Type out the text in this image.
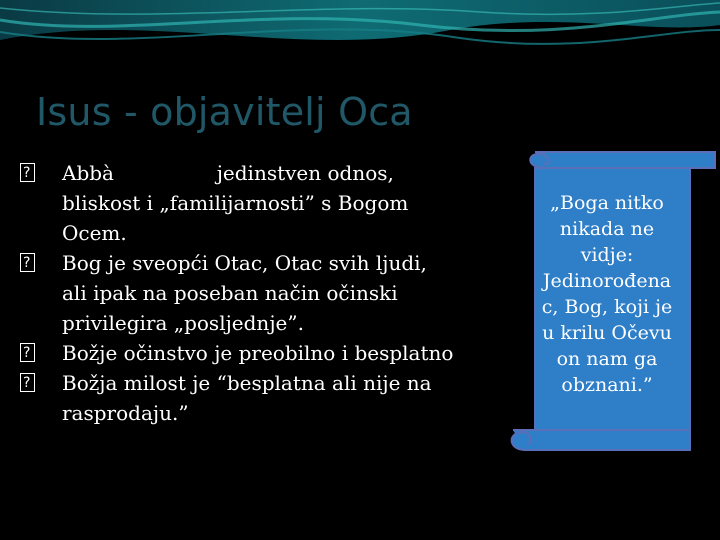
Isus - objavitelj Oca
?
Abbà	jedinstven odnos,
bliskost i „familijarnosti” s Bogom
Ocem.
?
Bog je sveopći Otac, Otac svih ljudi,
ali ipak na poseban način očinski
privilegira „posljednje”.
?
Božje očinstvo je preobilno i besplatno
?
Božja milost je “besplatna ali nije na
rasprodaju.”

„Boga nitko
nikada ne
vidje:
Jedinorođena
c, Bog, koji je
u krilu Očevu
on nam ga
obznani.”
